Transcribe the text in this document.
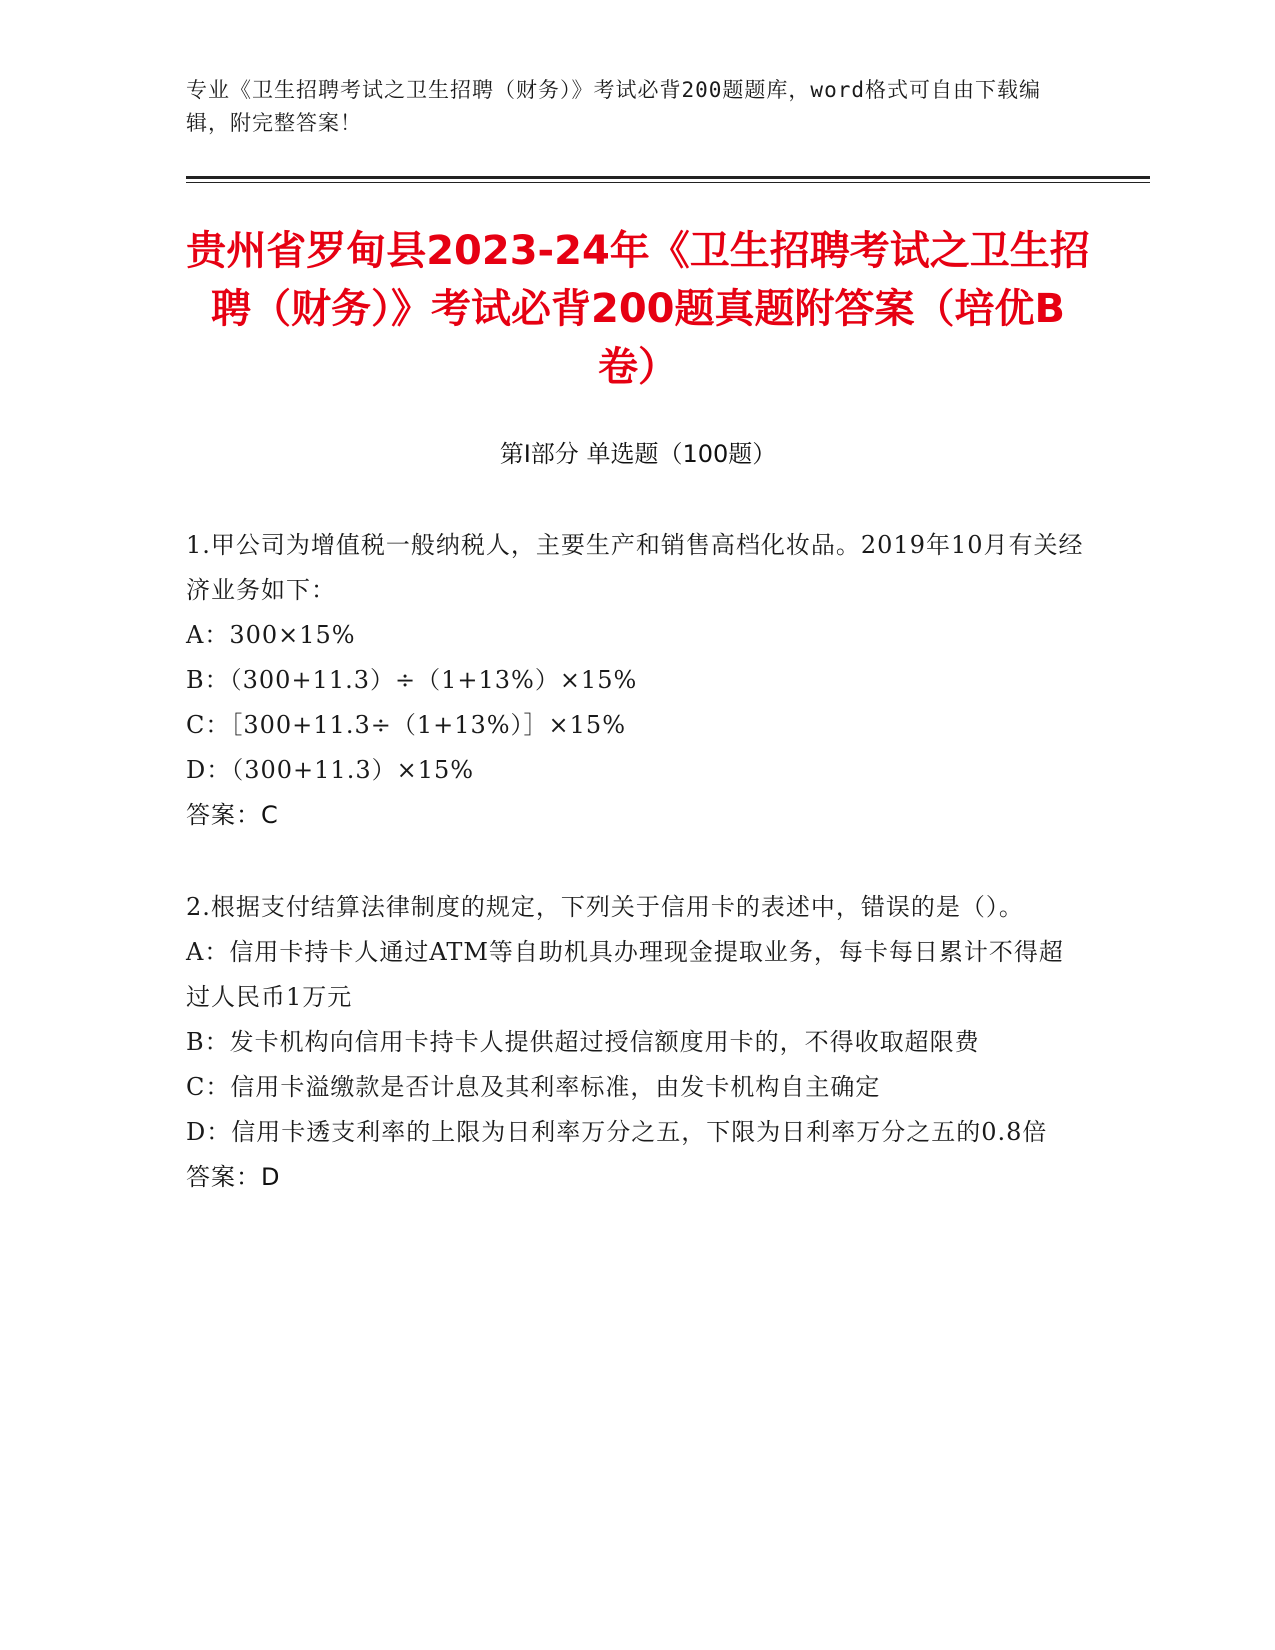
专业《卫生招聘考试之卫生招聘（财务）》考试必背200题题库，word格式可自由下载编辑，附完整答案！
贵州省罗甸县2023-24年《卫生招聘考试之卫生招聘（财务）》考试必背200题真题附答案（培优B卷）
第Ⅰ部分 单选题（100题）

1.甲公司为增值税一般纳税人，主要生产和销售高档化妆品。2019年10月有关经济业务如下：

A：300×15%

B：（300+11.3）÷（1+13%）×15%

C：［300+11.3÷（1+13%）］×15%

D：（300+11.3）×15%

答案：C

2.根据支付结算法律制度的规定，下列关于信用卡的表述中，错误的是（）。

A：信用卡持卡人通过ATM等自助机具办理现金提取业务，每卡每日累计不得超过人民币1万元

B：发卡机构向信用卡持卡人提供超过授信额度用卡的，不得收取超限费

C：信用卡溢缴款是否计息及其利率标准，由发卡机构自主确定

D：信用卡透支利率的上限为日利率万分之五，下限为日利率万分之五的0.8倍

答案：D
